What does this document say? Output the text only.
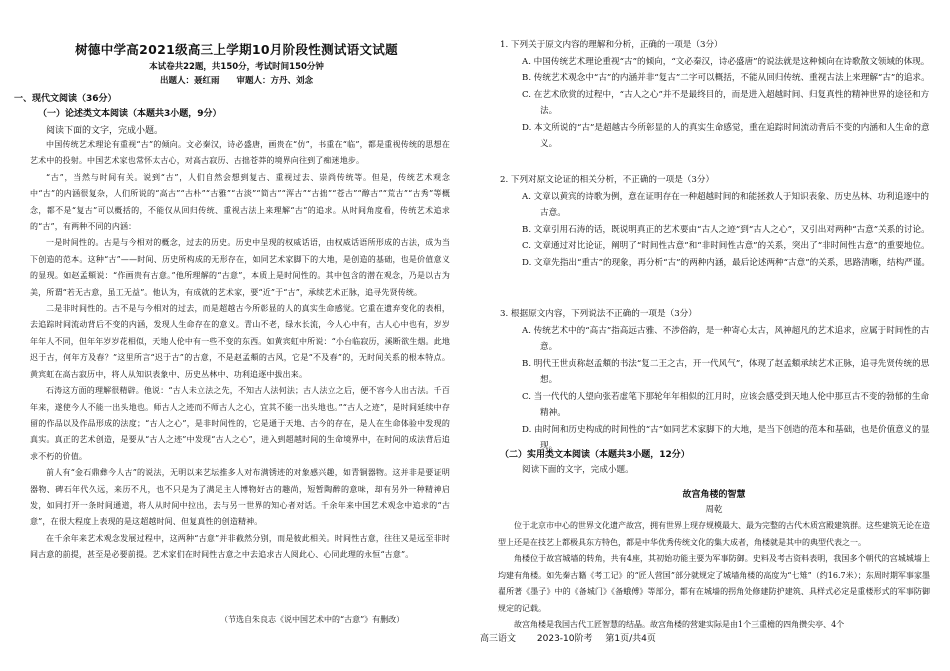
树德中学高2021级高三上学期10月阶段性测试语文试题
本试卷共22题，共150分，考试时间150分钟
出题人：聂红雨　　审题人：方丹、刘念
一、现代文阅读（36分）
（一）论述类文本阅读（本题共3小题，9分）
阅读下面的文字，完成小题。

中国传统艺术理论有重视“古”的倾向。文必秦汉，诗必盛唐，画贵在“仿”，书重在“临”，都是重视传统的思想在艺术中的投射。中国艺术家也常怀太古心，对高古寂历、古拙苍莽的境界向往到了痴迷地步。

“古”，当然与时间有关。说到“古”，人们自然会想到复古、重视过去、崇尚传统等。但是，传统艺术观念中“古”的内涵很复杂，人们所说的“高古”“古朴”“古雅”“古淡”“简古”“浑古”“古拙”“苍古”“醇古”“荒古”“古秀”等概念，都不是“复古”可以概括的，不能仅从回归传统、重视古法上来理解“古”的追求。从时间角度看，传统艺术追求的“古”，有两种不同的内涵：

一是时间性的。古是与今相对的概念，过去的历史。历史中呈现的权威话语，由权威话语所形成的古法，成为当下创造的范本。这种“古”——时间、历史所构成的无形存在，如同艺术家脚下的大地，是创造的基础，也是价值意义的显现。如赵孟頫说：“作画贵有古意。”他所理解的“古意”，本质上是时间性的。其中包含的潜在观念，乃是以古为美，所谓“若无古意，虽工无益”。他认为，有成就的艺术家，要“近”于“古”，承续艺术正脉，追寻先贤传统。

二是非时间性的。古不是与今相对的过去，而是超越古今所彰显的人的真实生命感觉。它重在遗弃变化的表相，去追踪时间流动背后不变的内涵，发现人生命存在的意义。青山不老，绿水长流，今人心中有，古人心中也有，岁岁年年人不同，但年年岁岁花相似，天地人伦中有一些不变的东西。如黄宾虹中所说：“小台临寂历，溪断欲生烟。此地迟于古，何年方及春？”这里所言“迟于古”的古意，不是赵孟頫的古风，它是“不及春”的，无时间关系的根本特点。黄宾虹在高古寂历中，将人从知识表象中、历史丛林中、功利追逐中拔出来。

石涛这方面的理解很精辟。他说：“古人未立法之先，不知古人法何法；古人法立之后，便不容今人出古法。千百年来，遂使今人不能一出头地也。师古人之迹而不师古人之心，宜其不能一出头地也。”“古人之迹”，是时间延续中存留的作品以及作品形成的法度；“古人之心”，是非时间性的，它是通于天地、古今的存在，是人在生命体验中发现的真实。真正的艺术创造，是要从“古人之迹”中发现“古人之心”，进入到超越时间的生命境界中，在时间的成法背后追求不朽的价值。

前人有“金石鼎彝今人古”的说法，无明以来艺坛推多人对布满锈迹的对象感兴趣，如青铜器物。这并非是要证明器物、碑石年代久远，来历不凡，也不只是为了满足主人博物好古的趣尚，短暂陶醉的意味，却有另外一种精神启发，如同打开一条时间通道，将人从时间中拉出，去与另一世界的知心者对话。千余年来中国艺术观念中追求的“古意”，在很大程度上表现的是这超越时间、但复真性的创造精神。

在千余年来艺术观念发展过程中，这两种“古意”并非截然分别，而是彼此相关。时间性古意，往往又是远至非时间古意的前提，甚至是必要前提。艺术家们在时间性古意之中去追求古人阅此心、心同此理的永恒“古意”。

（节选自朱良志《说中国艺术中的“古意”》有删改）

1. 下列关于原文内容的理解和分析，正确的一项是（3分）

A. 中国传统艺术理论重视“古”的倾向，“文必秦汉，诗必盛唐”的说法就是这种倾向在诗歌散文领域的体现。

B. 传统艺术观念中“古”的内涵并非“复古”二字可以概括，不能从回归传统、重视古法上来理解“古”的追求。

C. 在艺术欣赏的过程中，“古人之心”并不是最终目的，而是进入超越时间、归复真性的精神世界的途径和方法。

D. 本文所说的“古”是超越古今所彰显的人的真实生命感觉，重在追踪时间流动背后不变的内涵和人生命的意义。

2. 下列对原文论证的相关分析，不正确的一项是（3分）

A. 文章以黄宾的诗歌为例，意在证明存在一种超越时间的和能拯救人于知识表象、历史丛林、功利追逐中的古意。

B. 文章引用石涛的话，既说明真正的艺术要由“古人之迹”到“古人之心”，又引出对两种“古意”关系的讨论。

C. 文章通过对比论证，阐明了“时间性古意”和“非时间性古意”的关系，突出了“非时间性古意”的重要地位。

D. 文章先指出“重古”的现象，再分析“古”的两种内涵，最后论述两种“古意”的关系，思路清晰，结构严谨。

3. 根据原文内容，下列说法不正确的一项是（3分）

A. 传统艺术中的“高古”指高远古雅、不涉俗韵，是一种寄心太古，风神超凡的艺术追求，应属于时间性的古意。

B. 明代王世贞称赵孟頫的书法“复二王之古，开一代风气”，体现了赵孟頫承续艺术正脉，追寻先贤传统的思想。

C. 当一代代的人望向张若虚笔下那轮年年相似的江月时，应该会感受到天地人伦中那亘古不变的勃郁的生命精神。

D. 由时间和历史构成的时间性的“古”如同艺术家脚下的大地，是当下创造的范本和基础，也是价值意义的显现。

（二）实用类文本阅读（本题共3小题，12分）
阅读下面的文字，完成小题。
故宫角楼的智慧
周乾

位于北京市中心的世界文化遗产故宫，拥有世界上现存规模最大、最为完整的古代木质宫殿建筑群。这些建筑无论在造型上还是在技艺上都极具东方特色，都是中华优秀传统文化的集大成者，角楼就是其中的典型代表之一。

角楼位于故宫城墙的转角，共有4座，其初始功能主要为军事防御。史料及考古资料表明，我国多个朝代的宫城城墙上均建有角楼。如先秦古籍《考工记》的“匠人营国”部分就规定了城墙角楼的高度为“七雉”（约16.7米）；东周时期军事家墨翟所著《墨子》中的《备城门》《备蛾傅》等部分，都有在城墙的拐角处修建防护建筑、具样式必定是重楼形式的军事防御规定的记载。

故宫角楼是我国古代工匠智慧的结晶。故宫角楼的营建实际是由1个三重檐的四角攒尖亭、4个

高三语文 2023-10阶考 第1页/共4页
